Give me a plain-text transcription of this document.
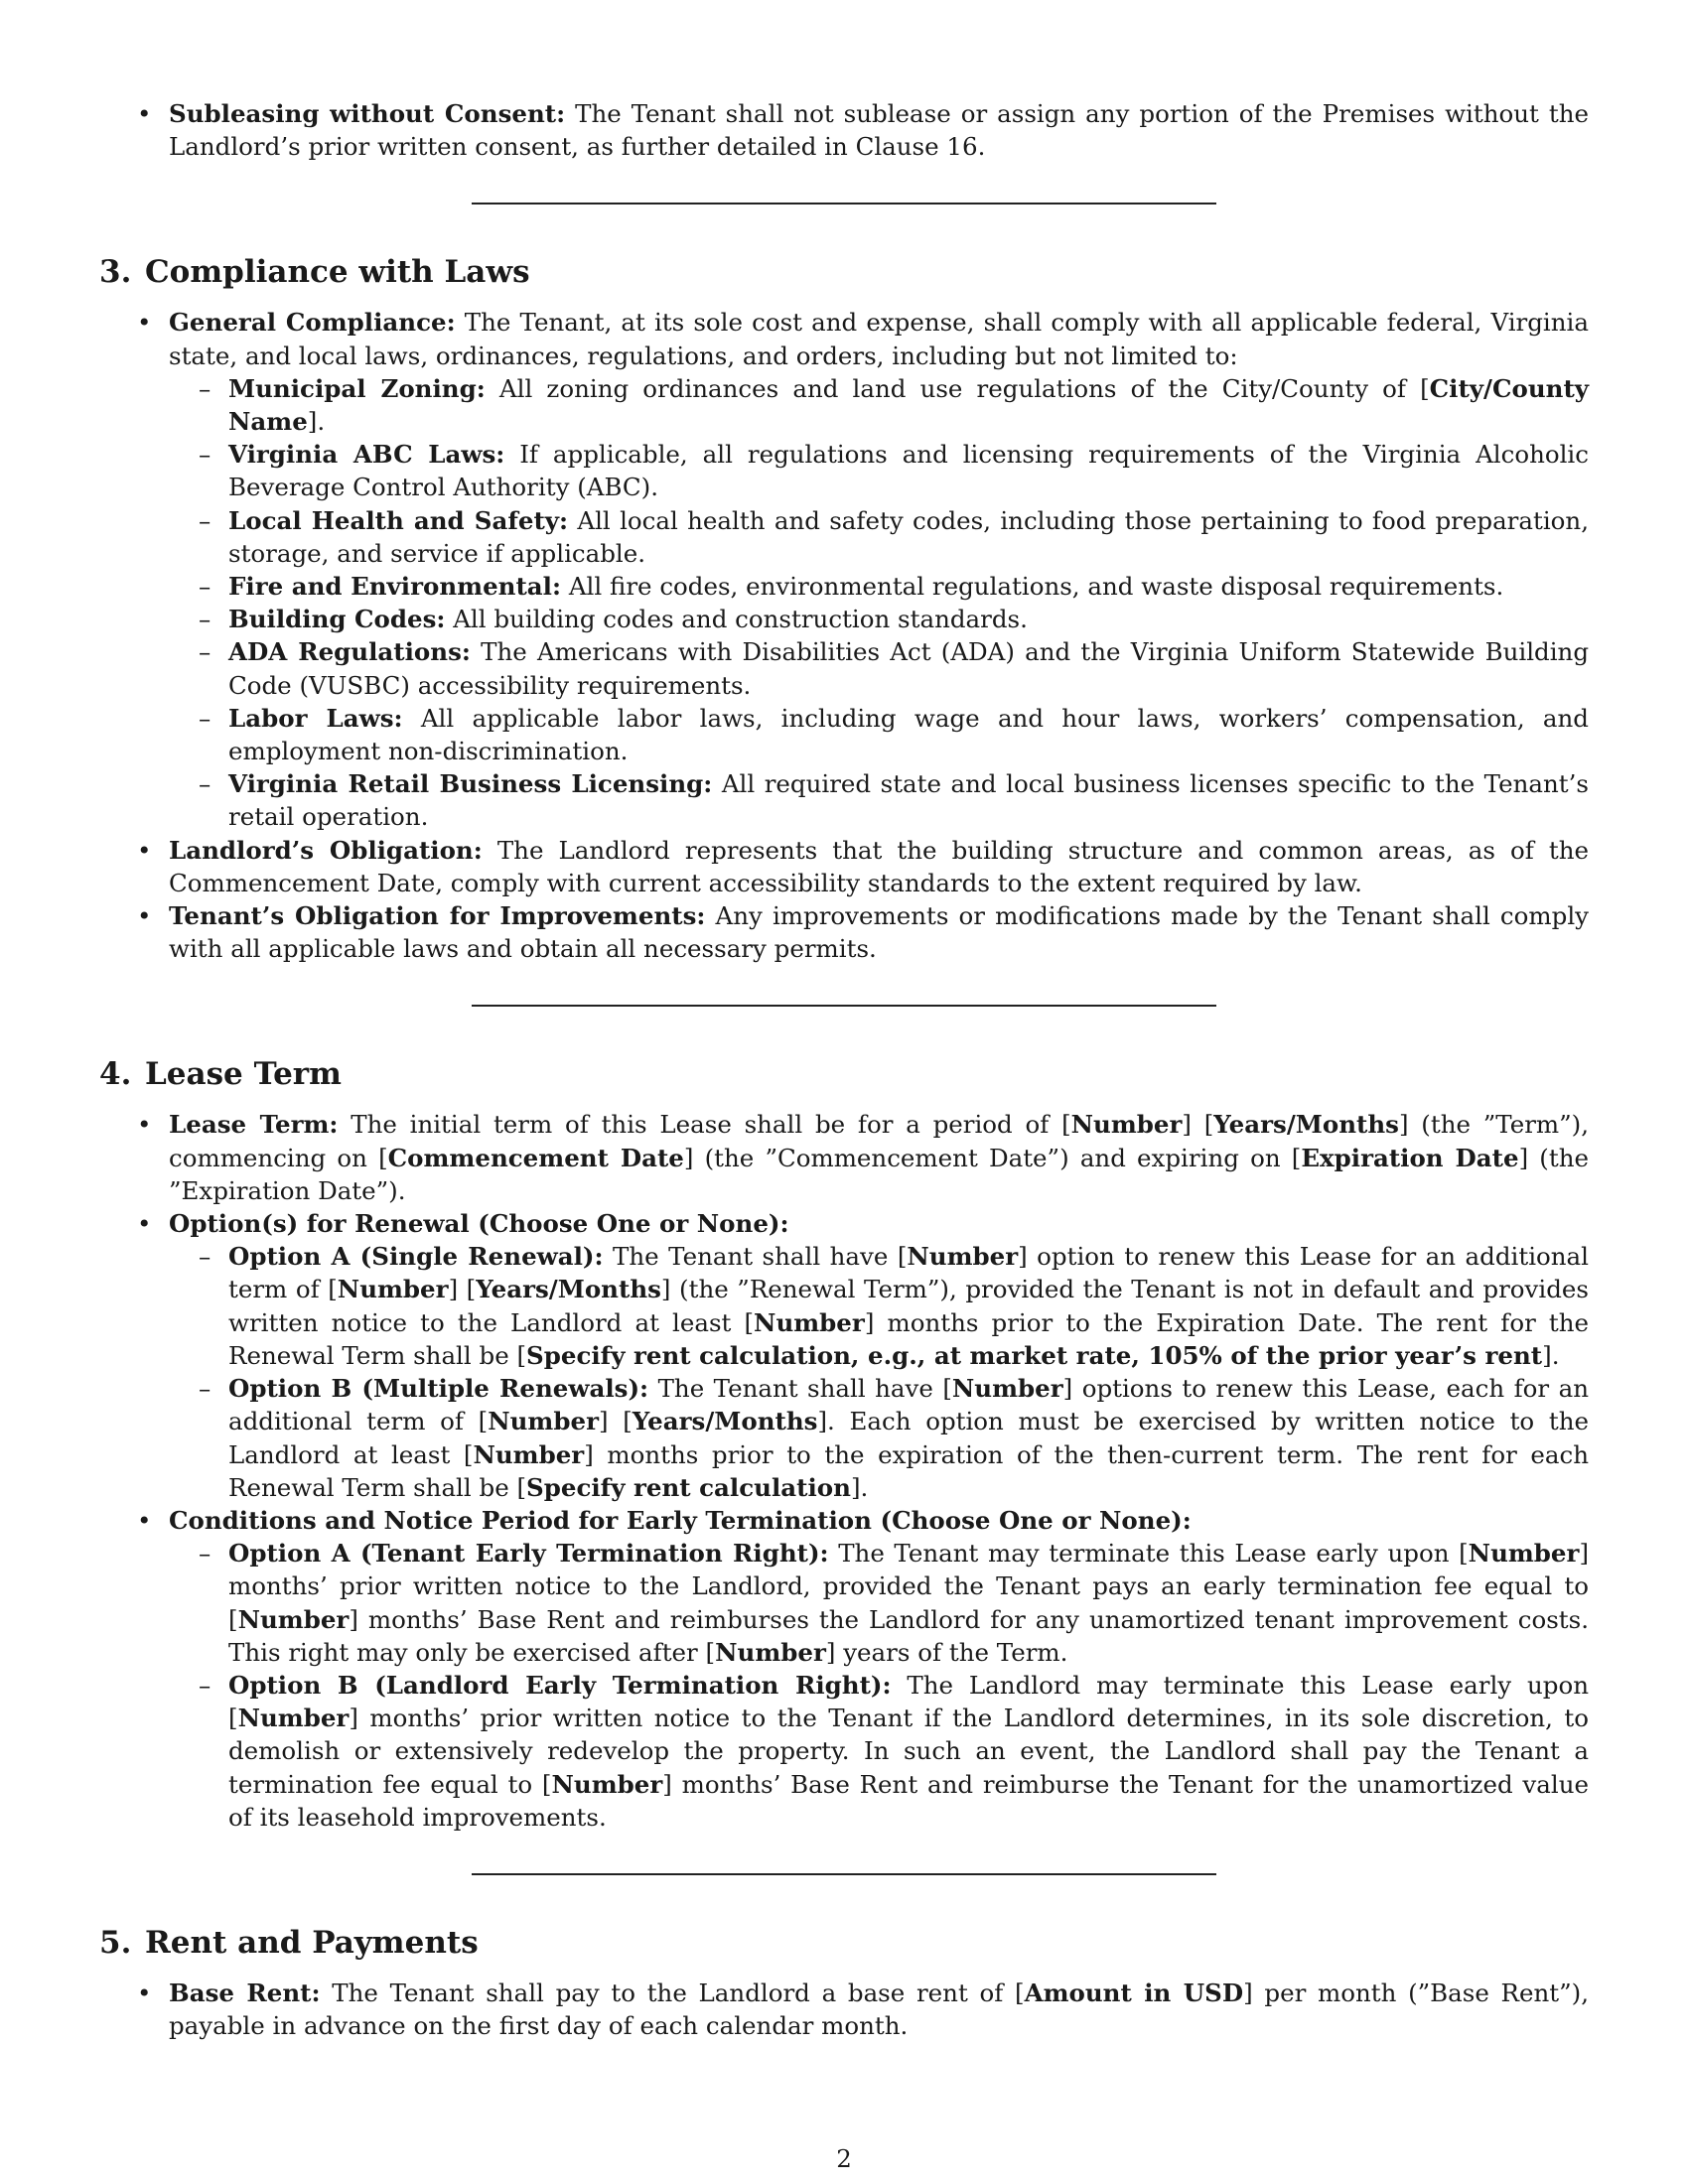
• Subleasing without Consent: The Tenant shall not sublease or assign any portion of the Premises without the Landlord’s prior written consent, as further detailed in Clause 16.
3. Compliance with Laws
• General Compliance: The Tenant, at its sole cost and expense, shall comply with all applicable federal, Virginia state, and local laws, ordinances, regulations, and orders, including but not limited to:
– Municipal Zoning: All zoning ordinances and land use regulations of the City/County of [City/County Name].
– Virginia ABC Laws: If applicable, all regulations and licensing requirements of the Virginia Alcoholic Beverage Control Authority (ABC).
– Local Health and Safety: All local health and safety codes, including those pertaining to food preparation, storage, and service if applicable.
– Fire and Environmental: All fire codes, environmental regulations, and waste disposal requirements.
– Building Codes: All building codes and construction standards.
– ADA Regulations: The Americans with Disabilities Act (ADA) and the Virginia Uniform Statewide Building Code (VUSBC) accessibility requirements.
– Labor Laws: All applicable labor laws, including wage and hour laws, workers’ compensation, and employment non-discrimination.
– Virginia Retail Business Licensing: All required state and local business licenses specific to the Tenant’s retail operation.
• Landlord’s Obligation: The Landlord represents that the building structure and common areas, as of the Commencement Date, comply with current accessibility standards to the extent required by law.
• Tenant’s Obligation for Improvements: Any improvements or modifications made by the Tenant shall comply with all applicable laws and obtain all necessary permits.
4. Lease Term
• Lease Term: The initial term of this Lease shall be for a period of [Number] [Years/Months] (the ”Term”), commencing on [Commencement Date] (the ”Commencement Date”) and expiring on [Expiration Date] (the ”Expiration Date”).
• Option(s) for Renewal (Choose One or None):
– Option A (Single Renewal): The Tenant shall have [Number] option to renew this Lease for an additional term of [Number] [Years/Months] (the ”Renewal Term”), provided the Tenant is not in default and provides written notice to the Landlord at least [Number] months prior to the Expiration Date. The rent for the Renewal Term shall be [Specify rent calculation, e.g., at market rate, 105% of the prior year’s rent].
– Option B (Multiple Renewals): The Tenant shall have [Number] options to renew this Lease, each for an additional term of [Number] [Years/Months]. Each option must be exercised by written notice to the Landlord at least [Number] months prior to the expiration of the then-current term. The rent for each Renewal Term shall be [Specify rent calculation].
• Conditions and Notice Period for Early Termination (Choose One or None):
– Option A (Tenant Early Termination Right): The Tenant may terminate this Lease early upon [Number] months’ prior written notice to the Landlord, provided the Tenant pays an early termination fee equal to [Number] months’ Base Rent and reimburses the Landlord for any unamortized tenant improvement costs. This right may only be exercised after [Number] years of the Term.
– Option B (Landlord Early Termination Right): The Landlord may terminate this Lease early upon [Number] months’ prior written notice to the Tenant if the Landlord determines, in its sole discretion, to demolish or extensively redevelop the property. In such an event, the Landlord shall pay the Tenant a termination fee equal to [Number] months’ Base Rent and reimburse the Tenant for the unamortized value of its leasehold improvements.
5. Rent and Payments
• Base Rent: The Tenant shall pay to the Landlord a base rent of [Amount in USD] per month (”Base Rent”), payable in advance on the first day of each calendar month.
2
